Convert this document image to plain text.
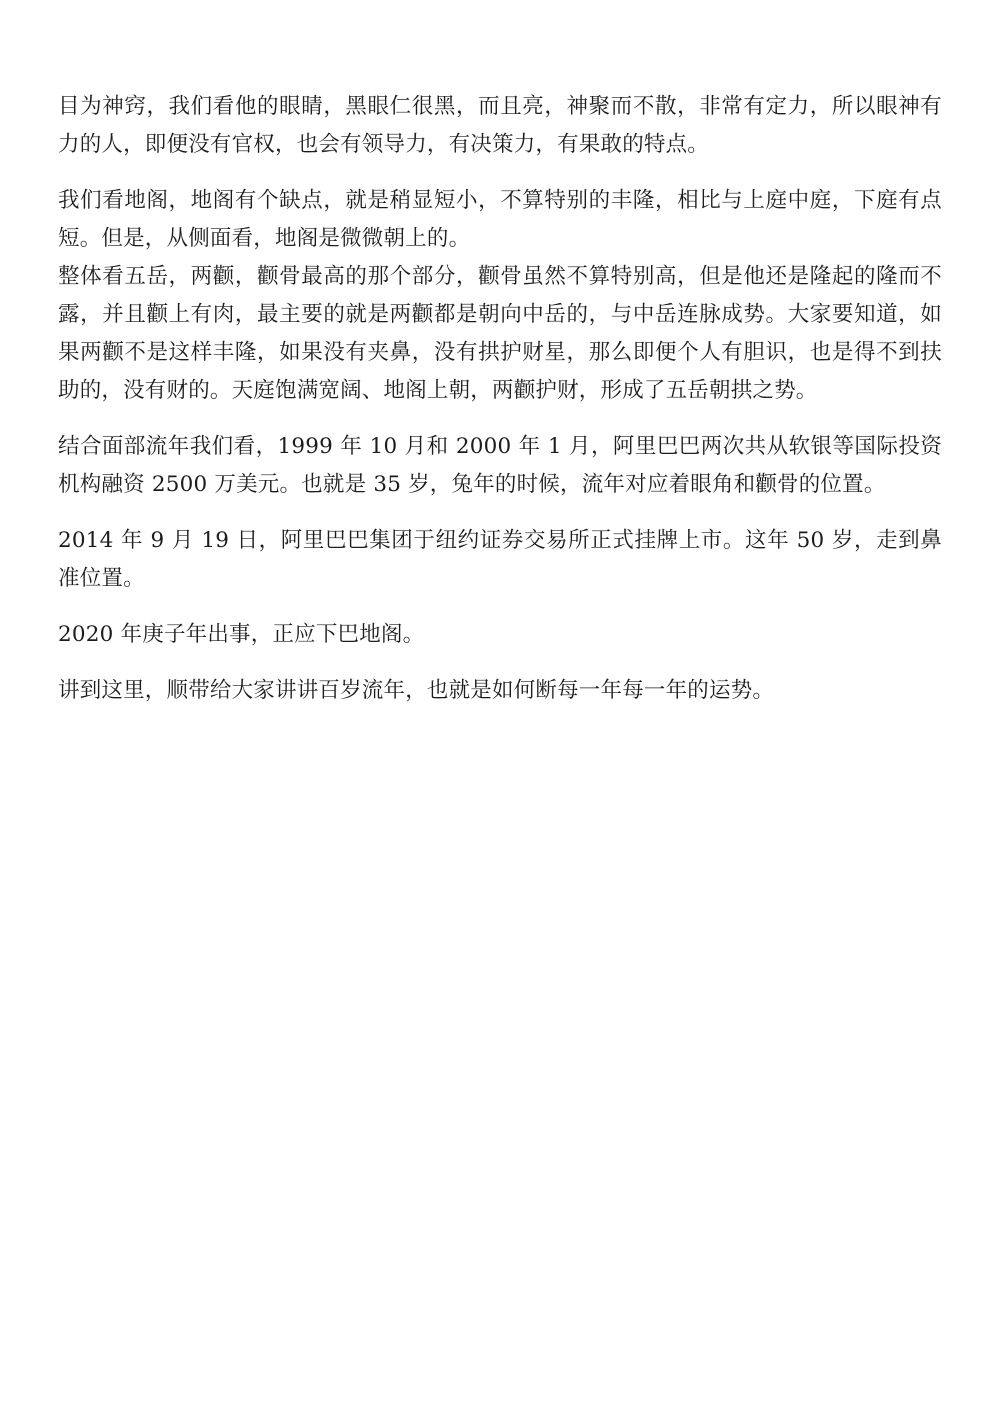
目为神窍，我们看他的眼睛，黑眼仁很黑，而且亮，神聚而不散，非常有定力，所以眼神有力的人，即便没有官权，也会有领导力，有决策力，有果敢的特点。

我们看地阁，地阁有个缺点，就是稍显短小，不算特别的丰隆，相比与上庭中庭，下庭有点短。但是，从侧面看，地阁是微微朝上的。

整体看五岳，两颧，颧骨最高的那个部分，颧骨虽然不算特别高，但是他还是隆起的隆而不露，并且颧上有肉，最主要的就是两颧都是朝向中岳的，与中岳连脉成势。大家要知道，如果两颧不是这样丰隆，如果没有夹鼻，没有拱护财星，那么即便个人有胆识，也是得不到扶助的，没有财的。天庭饱满宽阔、地阁上朝，两颧护财，形成了五岳朝拱之势。

结合面部流年我们看，1999 年 10 月和 2000 年 1 月，阿里巴巴两次共从软银等国际投资机构融资 2500 万美元。也就是 35 岁，兔年的时候，流年对应着眼角和颧骨的位置。

2014 年 9 月 19 日，阿里巴巴集团于纽约证券交易所正式挂牌上市。这年 50 岁，走到鼻准位置。

2020 年庚子年出事，正应下巴地阁。

讲到这里，顺带给大家讲讲百岁流年，也就是如何断每一年每一年的运势。
